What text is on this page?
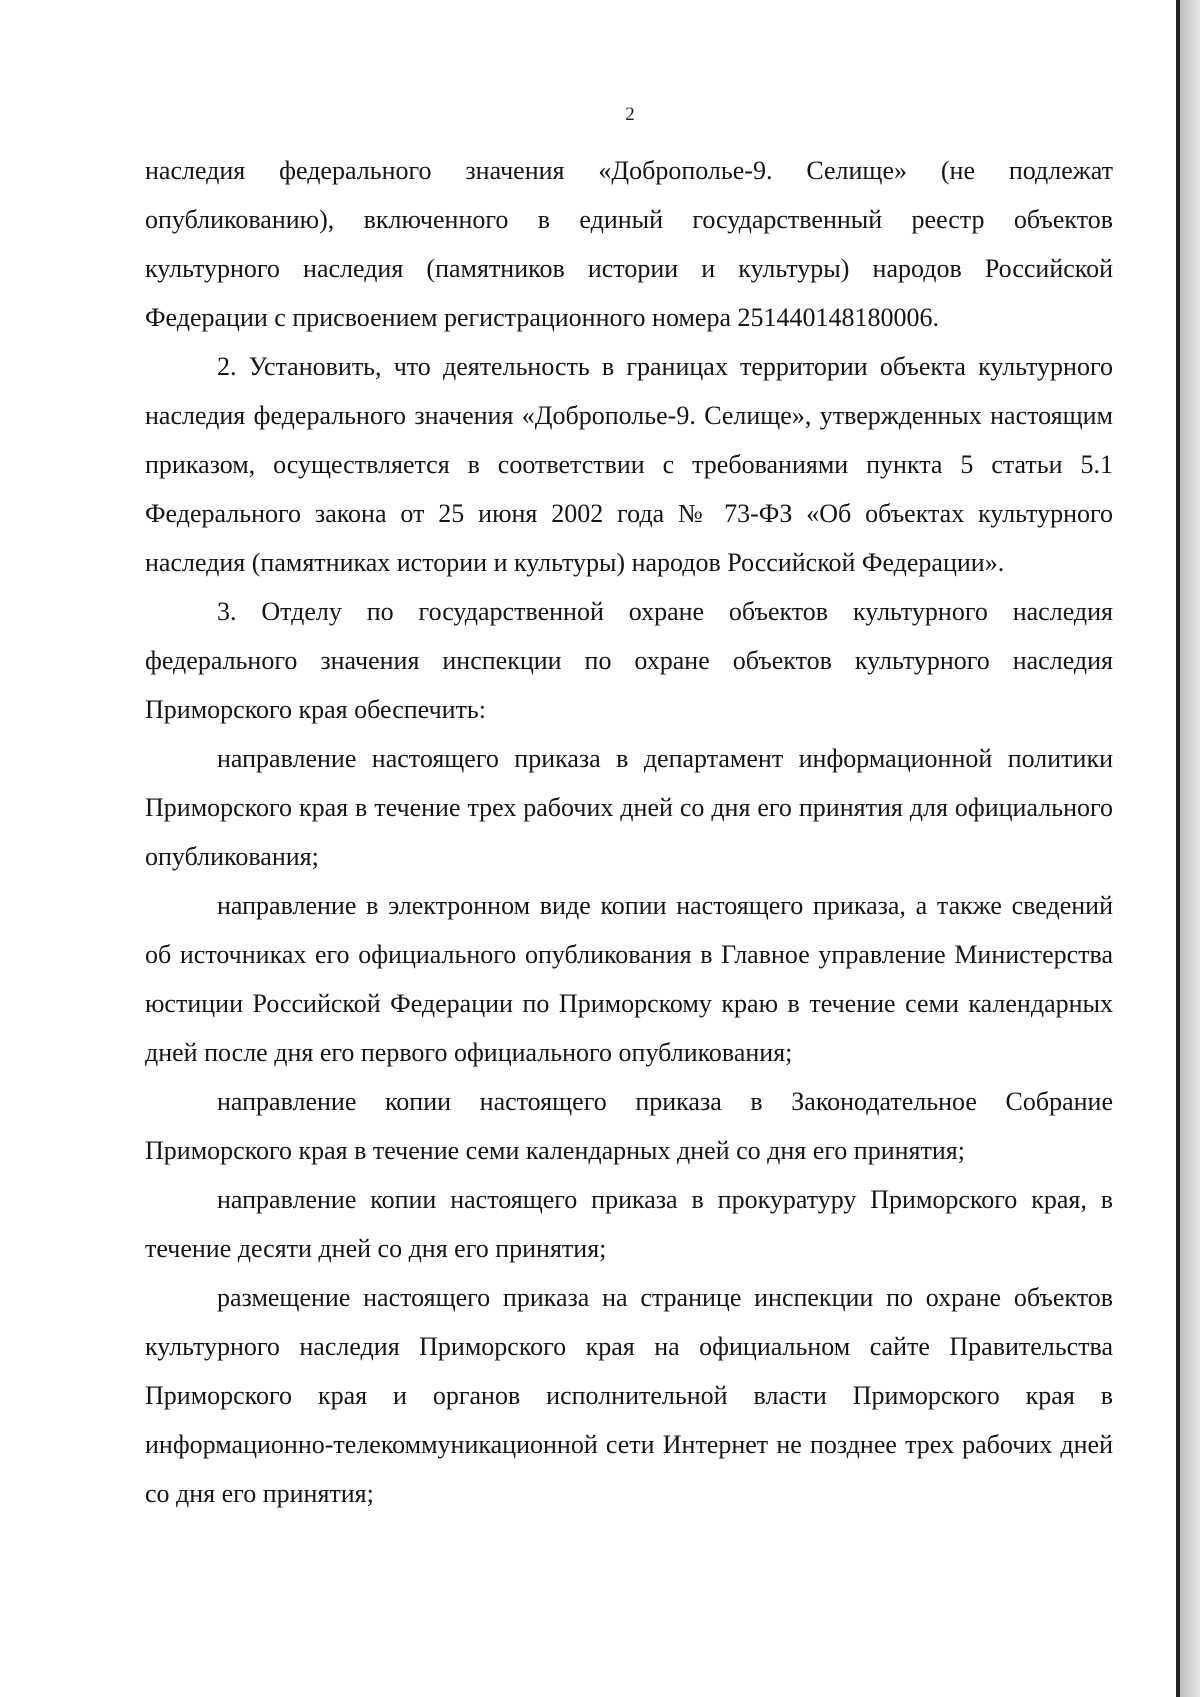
2

наследия федерального значения «Доброполье-9. Селище» (не подлежат опубликованию), включенного в единый государственный реестр объектов культурного наследия (памятников истории и культуры) народов Российской Федерации с присвоением регистрационного номера 251440148180006.

2. Установить, что деятельность в границах территории объекта культурного наследия федерального значения «Доброполье-9. Селище», утвержденных настоящим приказом, осуществляется в соответствии с требованиями пункта 5 статьи 5.1 Федерального закона от 25 июня 2002 года № 73-ФЗ «Об объектах культурного наследия (памятниках истории и культуры) народов Российской Федерации».

3. Отделу по государственной охране объектов культурного наследия федерального значения инспекции по охране объектов культурного наследия Приморского края обеспечить:

направление настоящего приказа в департамент информационной политики Приморского края в течение трех рабочих дней со дня его принятия для официального опубликования;

направление в электронном виде копии настоящего приказа, а также сведений об источниках его официального опубликования в Главное управление Министерства юстиции Российской Федерации по Приморскому краю в течение семи календарных дней после дня его первого официального опубликования;

направление копии настоящего приказа в Законодательное Собрание Приморского края в течение семи календарных дней со дня его принятия;

направление копии настоящего приказа в прокуратуру Приморского края, в течение десяти дней со дня его принятия;

размещение настоящего приказа на странице инспекции по охране объектов культурного наследия Приморского края на официальном сайте Правительства Приморского края и органов исполнительной власти Приморского края в информационно-телекоммуникационной сети Интернет не позднее трех рабочих дней со дня его принятия;
